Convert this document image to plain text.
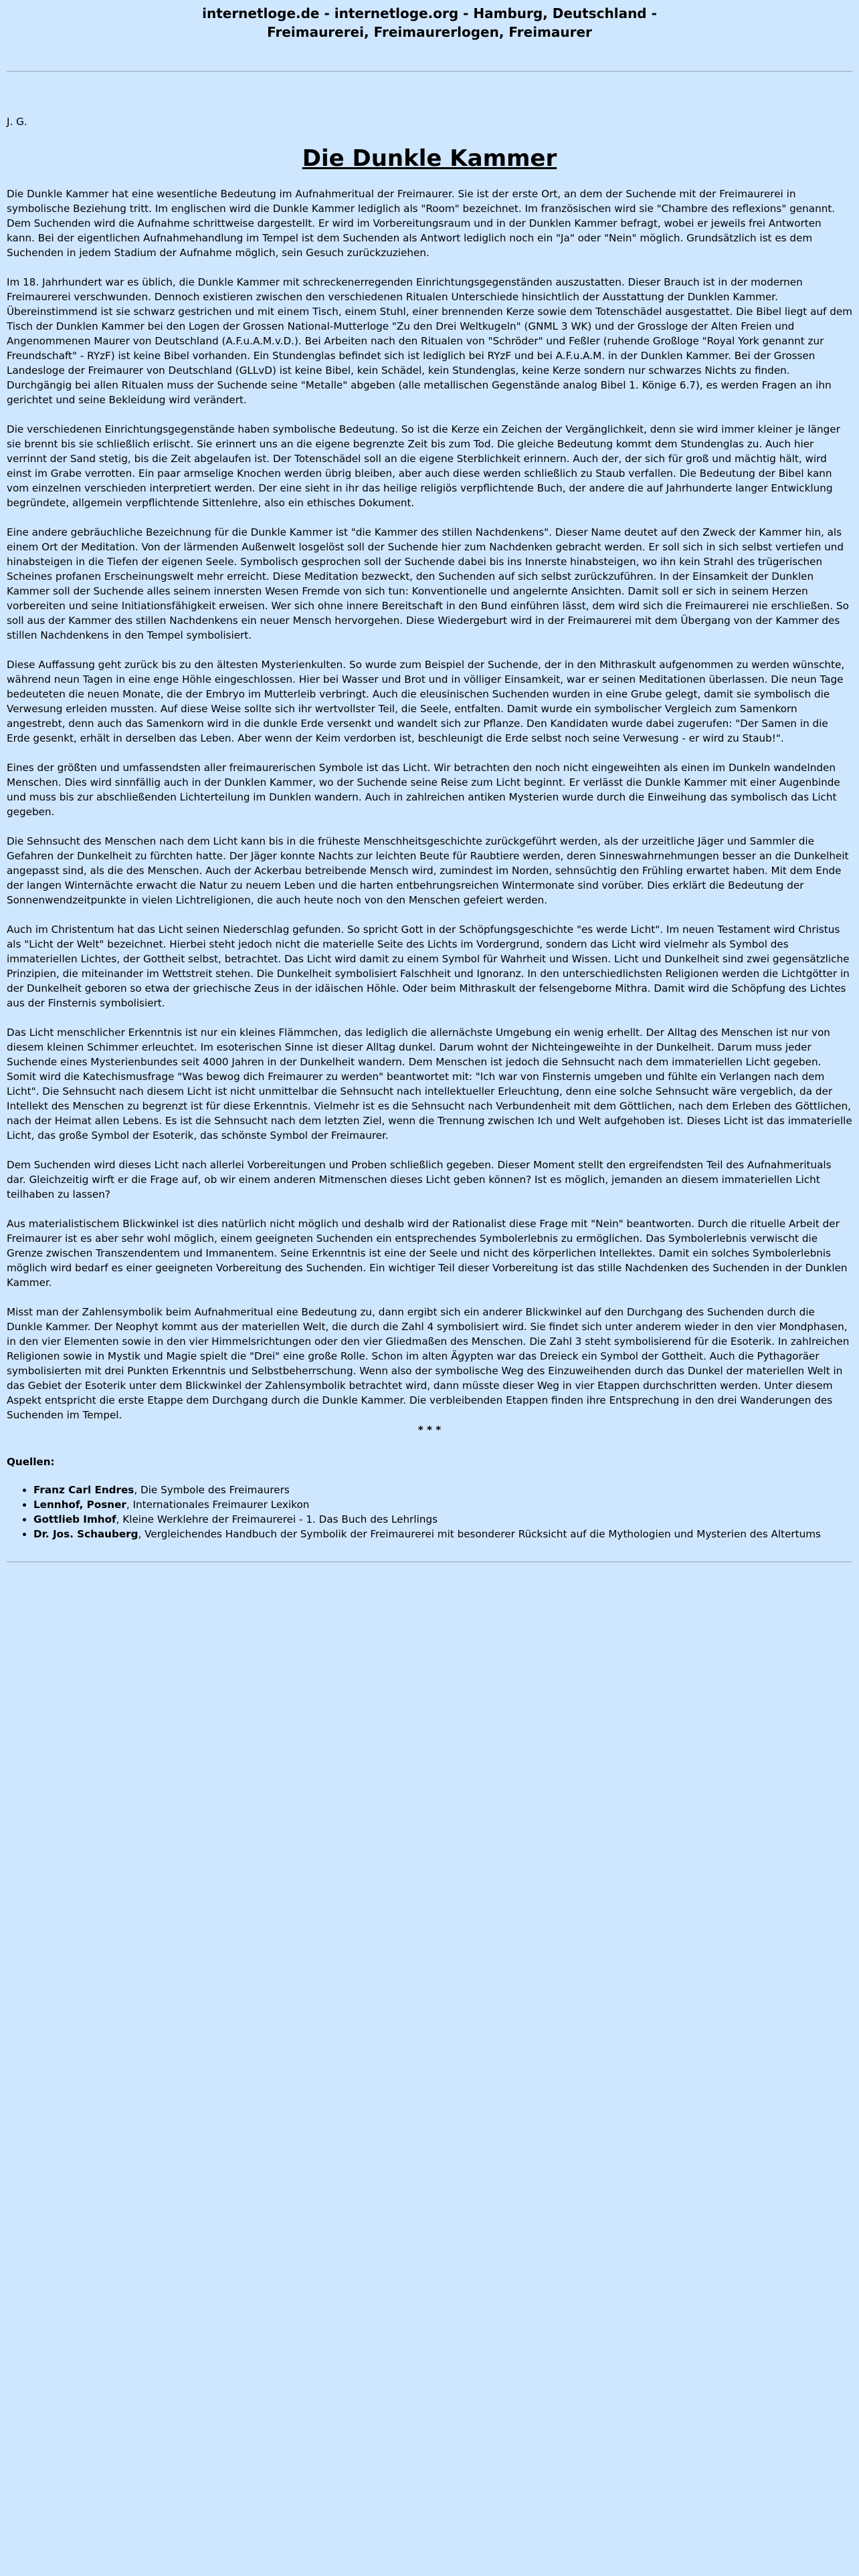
internetloge.de - internetloge.org - Hamburg, Deutschland -
Freimaurerei, Freimaurerlogen, Freimaurer

J. G.

Die Dunkle Kammer

Die Dunkle Kammer hat eine wesentliche Bedeutung im Aufnahmeritual der Freimaurer. Sie ist der erste Ort, an dem der Suchende mit der Freimaurerei in symbolische Beziehung tritt. Im englischen wird die Dunkle Kammer lediglich als "Room" bezeichnet. Im französischen wird sie "Chambre des reflexions" genannt. Dem Suchenden wird die Aufnahme schrittweise dargestellt. Er wird im Vorbereitungsraum und in der Dunklen Kammer befragt, wobei er jeweils frei Antworten kann. Bei der eigentlichen Aufnahmehandlung im Tempel ist dem Suchenden als Antwort lediglich noch ein "Ja" oder "Nein" möglich. Grundsätzlich ist es dem Suchenden in jedem Stadium der Aufnahme möglich, sein Gesuch zurückzuziehen.

Im 18. Jahrhundert war es üblich, die Dunkle Kammer mit schreckenerregenden Einrichtungsgegenständen auszustatten. Dieser Brauch ist in der modernen Freimaurerei verschwunden. Dennoch existieren zwischen den verschiedenen Ritualen Unterschiede hinsichtlich der Ausstattung der Dunklen Kammer. Übereinstimmend ist sie schwarz gestrichen und mit einem Tisch, einem Stuhl, einer brennenden Kerze sowie dem Totenschädel ausgestattet. Die Bibel liegt auf dem Tisch der Dunklen Kammer bei den Logen der Grossen National-Mutterloge "Zu den Drei Weltkugeln" (GNML 3 WK) und der Grossloge der Alten Freien und Angenommenen Maurer von Deutschland (A.F.u.A.M.v.D.). Bei Arbeiten nach den Ritualen von "Schröder" und Feßler (ruhende Großloge "Royal York genannt zur Freundschaft" - RYzF) ist keine Bibel vorhanden. Ein Stundenglas befindet sich ist lediglich bei RYzF und bei A.F.u.A.M. in der Dunklen Kammer. Bei der Grossen Landesloge der Freimaurer von Deutschland (GLLvD) ist keine Bibel, kein Schädel, kein Stundenglas, keine Kerze sondern nur schwarzes Nichts zu finden. Durchgängig bei allen Ritualen muss der Suchende seine "Metalle" abgeben (alle metallischen Gegenstände analog Bibel 1. Könige 6.7), es werden Fragen an ihn gerichtet und seine Bekleidung wird verändert.

Die verschiedenen Einrichtungsgegenstände haben symbolische Bedeutung. So ist die Kerze ein Zeichen der Vergänglichkeit, denn sie wird immer kleiner je länger sie brennt bis sie schließlich erlischt. Sie erinnert uns an die eigene begrenzte Zeit bis zum Tod. Die gleiche Bedeutung kommt dem Stundenglas zu. Auch hier verrinnt der Sand stetig, bis die Zeit abgelaufen ist. Der Totenschädel soll an die eigene Sterblichkeit erinnern. Auch der, der sich für groß und mächtig hält, wird einst im Grabe verrotten. Ein paar armselige Knochen werden übrig bleiben, aber auch diese werden schließlich zu Staub verfallen. Die Bedeutung der Bibel kann vom einzelnen verschieden interpretiert werden. Der eine sieht in ihr das heilige religiös verpflichtende Buch, der andere die auf Jahrhunderte langer Entwicklung begründete, allgemein verpflichtende Sittenlehre, also ein ethisches Dokument.

Eine andere gebräuchliche Bezeichnung für die Dunkle Kammer ist "die Kammer des stillen Nachdenkens". Dieser Name deutet auf den Zweck der Kammer hin, als einem Ort der Meditation. Von der lärmenden Außenwelt losgelöst soll der Suchende hier zum Nachdenken gebracht werden. Er soll sich in sich selbst vertiefen und hinabsteigen in die Tiefen der eigenen Seele. Symbolisch gesprochen soll der Suchende dabei bis ins Innerste hinabsteigen, wo ihn kein Strahl des trügerischen Scheines profanen Erscheinungswelt mehr erreicht. Diese Meditation bezweckt, den Suchenden auf sich selbst zurückzuführen. In der Einsamkeit der Dunklen Kammer soll der Suchende alles seinem innersten Wesen Fremde von sich tun: Konventionelle und angelernte Ansichten. Damit soll er sich in seinem Herzen vorbereiten und seine Initiationsfähigkeit erweisen. Wer sich ohne innere Bereitschaft in den Bund einführen lässt, dem wird sich die Freimaurerei nie erschließen. So soll aus der Kammer des stillen Nachdenkens ein neuer Mensch hervorgehen. Diese Wiedergeburt wird in der Freimaurerei mit dem Übergang von der Kammer des stillen Nachdenkens in den Tempel symbolisiert.

Diese Auffassung geht zurück bis zu den ältesten Mysterienkulten. So wurde zum Beispiel der Suchende, der in den Mithraskult aufgenommen zu werden wünschte, während neun Tagen in eine enge Höhle eingeschlossen. Hier bei Wasser und Brot und in völliger Einsamkeit, war er seinen Meditationen überlassen. Die neun Tage bedeuteten die neuen Monate, die der Embryo im Mutterleib verbringt. Auch die eleusinischen Suchenden wurden in eine Grube gelegt, damit sie symbolisch die Verwesung erleiden mussten. Auf diese Weise sollte sich ihr wertvollster Teil, die Seele, entfalten. Damit wurde ein symbolischer Vergleich zum Samenkorn angestrebt, denn auch das Samenkorn wird in die dunkle Erde versenkt und wandelt sich zur Pflanze. Den Kandidaten wurde dabei zugerufen: "Der Samen in die Erde gesenkt, erhält in derselben das Leben. Aber wenn der Keim verdorben ist, beschleunigt die Erde selbst noch seine Verwesung - er wird zu Staub!".

Eines der größten und umfassendsten aller freimaurerischen Symbole ist das Licht. Wir betrachten den noch nicht eingeweihten als einen im Dunkeln wandelnden Menschen. Dies wird sinnfällig auch in der Dunklen Kammer, wo der Suchende seine Reise zum Licht beginnt. Er verlässt die Dunkle Kammer mit einer Augenbinde und muss bis zur abschließenden Lichterteilung im Dunklen wandern. Auch in zahlreichen antiken Mysterien wurde durch die Einweihung das symbolisch das Licht gegeben.

Die Sehnsucht des Menschen nach dem Licht kann bis in die früheste Menschheitsgeschichte zurückgeführt werden, als der urzeitliche Jäger und Sammler die Gefahren der Dunkelheit zu fürchten hatte. Der Jäger konnte Nachts zur leichten Beute für Raubtiere werden, deren Sinneswahrnehmungen besser an die Dunkelheit angepasst sind, als die des Menschen. Auch der Ackerbau betreibende Mensch wird, zumindest im Norden, sehnsüchtig den Frühling erwartet haben. Mit dem Ende der langen Winternächte erwacht die Natur zu neuem Leben und die harten entbehrungsreichen Wintermonate sind vorüber. Dies erklärt die Bedeutung der Sonnenwendzeitpunkte in vielen Lichtreligionen, die auch heute noch von den Menschen gefeiert werden.

Auch im Christentum hat das Licht seinen Niederschlag gefunden. So spricht Gott in der Schöpfungsgeschichte "es werde Licht". Im neuen Testament wird Christus als "Licht der Welt" bezeichnet. Hierbei steht jedoch nicht die materielle Seite des Lichts im Vordergrund, sondern das Licht wird vielmehr als Symbol des immateriellen Lichtes, der Gottheit selbst, betrachtet. Das Licht wird damit zu einem Symbol für Wahrheit und Wissen. Licht und Dunkelheit sind zwei gegensätzliche Prinzipien, die miteinander im Wettstreit stehen. Die Dunkelheit symbolisiert Falschheit und Ignoranz. In den unterschiedlichsten Religionen werden die Lichtgötter in der Dunkelheit geboren so etwa der griechische Zeus in der idäischen Höhle. Oder beim Mithraskult der felsengeborne Mithra. Damit wird die Schöpfung des Lichtes aus der Finsternis symbolisiert.

Das Licht menschlicher Erkenntnis ist nur ein kleines Flämmchen, das lediglich die allernächste Umgebung ein wenig erhellt. Der Alltag des Menschen ist nur von diesem kleinen Schimmer erleuchtet. Im esoterischen Sinne ist dieser Alltag dunkel. Darum wohnt der Nichteingeweihte in der Dunkelheit. Darum muss jeder Suchende eines Mysterienbundes seit 4000 Jahren in der Dunkelheit wandern. Dem Menschen ist jedoch die Sehnsucht nach dem immateriellen Licht gegeben. Somit wird die Katechismusfrage "Was bewog dich Freimaurer zu werden" beantwortet mit: "Ich war von Finsternis umgeben und fühlte ein Verlangen nach dem Licht". Die Sehnsucht nach diesem Licht ist nicht unmittelbar die Sehnsucht nach intellektueller Erleuchtung, denn eine solche Sehnsucht wäre vergeblich, da der Intellekt des Menschen zu begrenzt ist für diese Erkenntnis. Vielmehr ist es die Sehnsucht nach Verbundenheit mit dem Göttlichen, nach dem Erleben des Göttlichen, nach der Heimat allen Lebens. Es ist die Sehnsucht nach dem letzten Ziel, wenn die Trennung zwischen Ich und Welt aufgehoben ist. Dieses Licht ist das immaterielle Licht, das große Symbol der Esoterik, das schönste Symbol der Freimaurer.

Dem Suchenden wird dieses Licht nach allerlei Vorbereitungen und Proben schließlich gegeben. Dieser Moment stellt den ergreifendsten Teil des Aufnahmerituals dar. Gleichzeitig wirft er die Frage auf, ob wir einem anderen Mitmenschen dieses Licht geben können? Ist es möglich, jemanden an diesem immateriellen Licht teilhaben zu lassen?

Aus materialistischem Blickwinkel ist dies natürlich nicht möglich und deshalb wird der Rationalist diese Frage mit "Nein" beantworten. Durch die rituelle Arbeit der Freimaurer ist es aber sehr wohl möglich, einem geeigneten Suchenden ein entsprechendes Symbolerlebnis zu ermöglichen. Das Symbolerlebnis verwischt die Grenze zwischen Transzendentem und Immanentem. Seine Erkenntnis ist eine der Seele und nicht des körperlichen Intellektes. Damit ein solches Symbolerlebnis möglich wird bedarf es einer geeigneten Vorbereitung des Suchenden. Ein wichtiger Teil dieser Vorbereitung ist das stille Nachdenken des Suchenden in der Dunklen Kammer.

Misst man der Zahlensymbolik beim Aufnahmeritual eine Bedeutung zu, dann ergibt sich ein anderer Blickwinkel auf den Durchgang des Suchenden durch die Dunkle Kammer. Der Neophyt kommt aus der materiellen Welt, die durch die Zahl 4 symbolisiert wird. Sie findet sich unter anderem wieder in den vier Mondphasen, in den vier Elementen sowie in den vier Himmelsrichtungen oder den vier Gliedmaßen des Menschen. Die Zahl 3 steht symbolisierend für die Esoterik. In zahlreichen Religionen sowie in Mystik und Magie spielt die "Drei" eine große Rolle. Schon im alten Ägypten war das Dreieck ein Symbol der Gottheit. Auch die Pythagoräer symbolisierten mit drei Punkten Erkenntnis und Selbstbeherrschung. Wenn also der symbolische Weg des Einzuweihenden durch das Dunkel der materiellen Welt in das Gebiet der Esoterik unter dem Blickwinkel der Zahlensymbolik betrachtet wird, dann müsste dieser Weg in vier Etappen durchschritten werden. Unter diesem Aspekt entspricht die erste Etappe dem Durchgang durch die Dunkle Kammer. Die verbleibenden Etappen finden ihre Entsprechung in den drei Wanderungen des Suchenden im Tempel.

* * *
Quellen:
• Franz Carl Endres, Die Symbole des Freimaurers
• Lennhof, Posner, Internationales Freimaurer Lexikon
• Gottlieb Imhof, Kleine Werklehre der Freimaurerei - 1. Das Buch des Lehrlings
• Dr. Jos. Schauberg, Vergleichendes Handbuch der Symbolik der Freimaurerei mit besonderer Rücksicht auf die Mythologien und Mysterien des Altertums
